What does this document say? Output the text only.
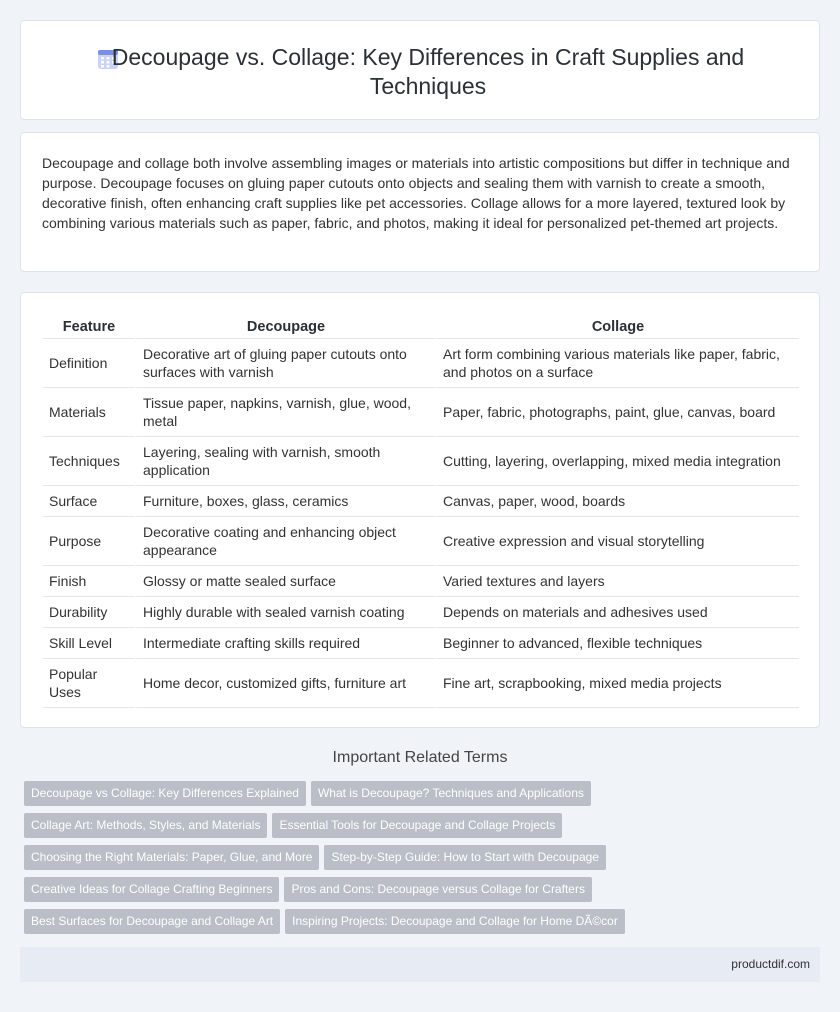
Decoupage vs. Collage: Key Differences in Craft Supplies and Techniques

Decoupage and collage both involve assembling images or materials into artistic compositions but differ in technique and purpose. Decoupage focuses on gluing paper cutouts onto objects and sealing them with varnish to create a smooth, decorative finish, often enhancing craft supplies like pet accessories. Collage allows for a more layered, textured look by combining various materials such as paper, fabric, and photos, making it ideal for personalized pet-themed art projects.

Feature	Decoupage	Collage
Definition	Decorative art of gluing paper cutouts onto surfaces with varnish	Art form combining various materials like paper, fabric, and photos on a surface
Materials	Tissue paper, napkins, varnish, glue, wood, metal	Paper, fabric, photographs, paint, glue, canvas, board
Techniques	Layering, sealing with varnish, smooth application	Cutting, layering, overlapping, mixed media integration
Surface	Furniture, boxes, glass, ceramics	Canvas, paper, wood, boards
Purpose	Decorative coating and enhancing object appearance	Creative expression and visual storytelling
Finish	Glossy or matte sealed surface	Varied textures and layers
Durability	Highly durable with sealed varnish coating	Depends on materials and adhesives used
Skill Level	Intermediate crafting skills required	Beginner to advanced, flexible techniques
Popular Uses	Home decor, customized gifts, furniture art	Fine art, scrapbooking, mixed media projects
Important Related Terms
Decoupage vs Collage: Key Differences Explained What is Decoupage? Techniques and Applications
Collage Art: Methods, Styles, and Materials Essential Tools for Decoupage and Collage Projects
Choosing the Right Materials: Paper, Glue, and More Step-by-Step Guide: How to Start with Decoupage
Creative Ideas for Collage Crafting Beginners Pros and Cons: Decoupage versus Collage for Crafters
Best Surfaces for Decoupage and Collage Art Inspiring Projects: Decoupage and Collage for Home DÃ©cor
productdif.com
